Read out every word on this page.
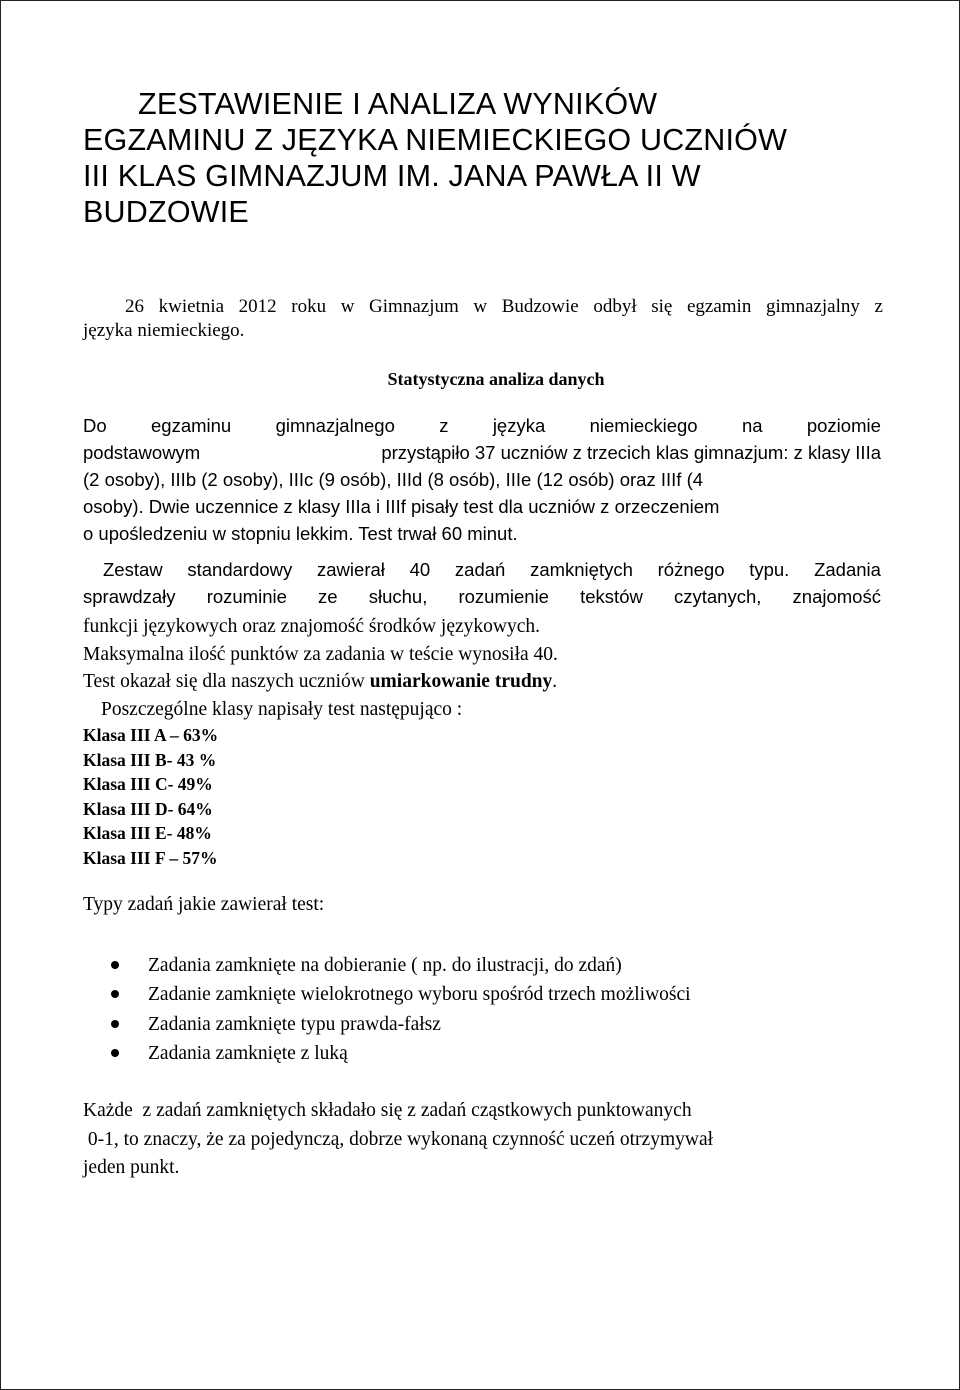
ZESTAWIENIE I ANALIZA WYNIKÓW
EGZAMINU Z JĘZYKA NIEMIECKIEGO UCZNIÓW
III KLAS GIMNAZJUM IM. JANA PAWŁA II W
BUDZOWIE
26 kwietnia 2012 roku w Gimnazjum w Budzowie odbył się egzamin gimnazjalny z
języka niemieckiego.
Statystyczna analiza danych
Do egzaminu gimnazjalnego z języka niemieckiego na poziomie
podstawowym	przystąpiło 37 uczniów z trzecich klas gimnazjum: z klasy IIIa
(2 osoby), IIIb (2 osoby), IIIc (9 osób), IIId (8 osób), IIIe (12 osób) oraz IIIf (4
osoby). Dwie uczennice z klasy IIIa i IIIf pisały test dla uczniów z orzeczeniem
o upośledzeniu w stopniu lekkim. Test trwał 60 minut.
Zestaw standardowy zawierał 40 zadań zamkniętych różnego typu. Zadania
sprawdzały rozuminie ze słuchu, rozumienie tekstów czytanych, znajomość
funkcji językowych oraz znajomość środków językowych.
Maksymalna ilość punktów za zadania w teście wynosiła 40.
Test okazał się dla naszych uczniów umiarkowanie trudny.
Poszczególne klasy napisały test następująco :
Klasa III A – 63%
Klasa III B- 43 %
Klasa III C- 49%
Klasa III D- 64%
Klasa III E- 48%
Klasa III F – 57%
Typy zadań jakie zawierał test:
Zadania zamknięte na dobieranie ( np. do ilustracji, do zdań)
Zadanie zamknięte wielokrotnego wyboru spośród trzech możliwości
Zadania zamknięte typu prawda-fałsz
Zadania zamknięte z luką
Każde  z zadań zamkniętych składało się z zadań cząstkowych punktowanych
0-1, to znaczy, że za pojedynczą, dobrze wykonaną czynność uczeń otrzymywał
jeden punkt.
